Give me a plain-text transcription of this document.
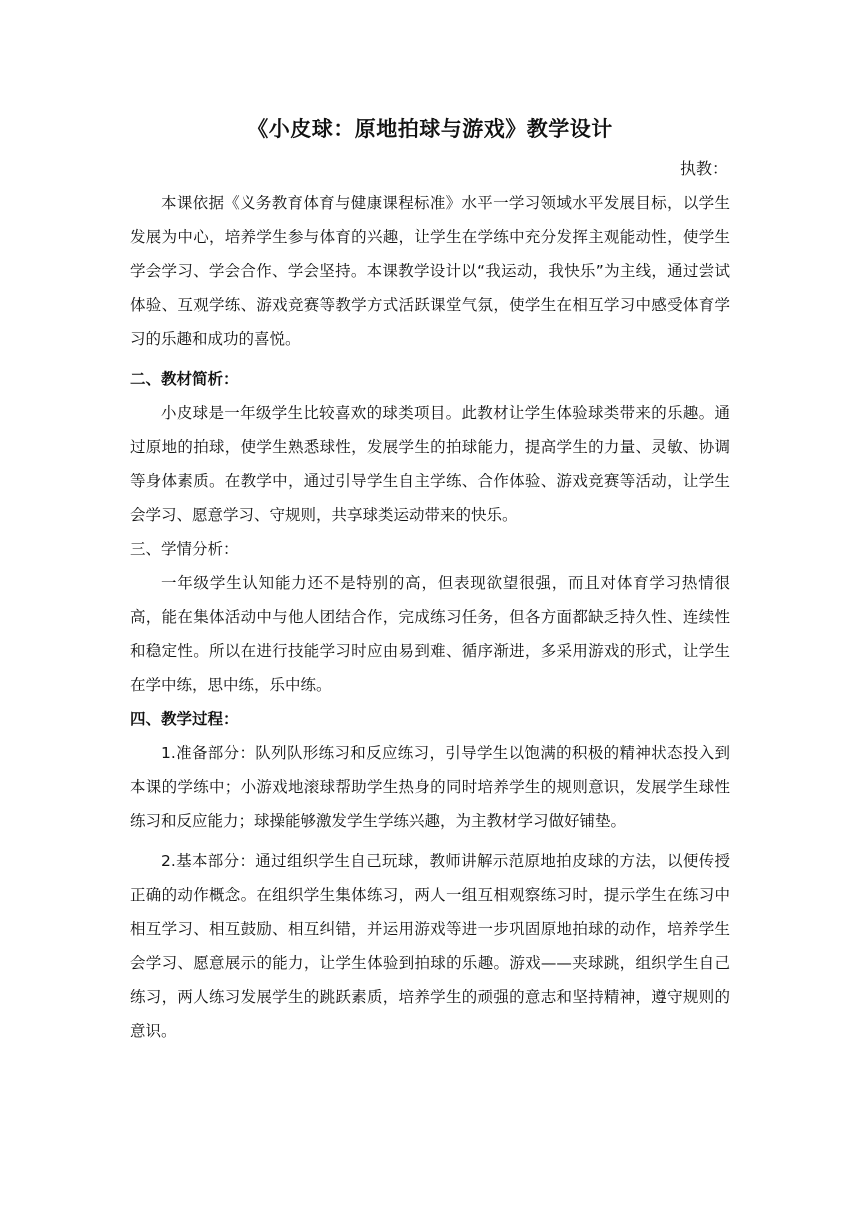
《小皮球：原地拍球与游戏》教学设计
执教：

本课依据《义务教育体育与健康课程标准》水平一学习领域水平发展目标，以学生发展为中心，培养学生参与体育的兴趣，让学生在学练中充分发挥主观能动性，使学生学会学习、学会合作、学会坚持。本课教学设计以“我运动，我快乐”为主线，通过尝试体验、互观学练、游戏竞赛等教学方式活跃课堂气氛，使学生在相互学习中感受体育学习的乐趣和成功的喜悦。

二、教材简析：

小皮球是一年级学生比较喜欢的球类项目。此教材让学生体验球类带来的乐趣。通过原地的拍球，使学生熟悉球性，发展学生的拍球能力，提高学生的力量、灵敏、协调等身体素质。在教学中，通过引导学生自主学练、合作体验、游戏竞赛等活动，让学生会学习、愿意学习、守规则，共享球类运动带来的快乐。

三、学情分析：

一年级学生认知能力还不是特别的高，但表现欲望很强，而且对体育学习热情很高，能在集体活动中与他人团结合作，完成练习任务，但各方面都缺乏持久性、连续性和稳定性。所以在进行技能学习时应由易到难、循序渐进，多采用游戏的形式，让学生在学中练，思中练，乐中练。

四、教学过程：

1.准备部分：队列队形练习和反应练习，引导学生以饱满的积极的精神状态投入到本课的学练中；小游戏地滚球帮助学生热身的同时培养学生的规则意识，发展学生球性练习和反应能力；球操能够激发学生学练兴趣，为主教材学习做好铺垫。

2.基本部分：通过组织学生自己玩球，教师讲解示范原地拍皮球的方法，以便传授正确的动作概念。在组织学生集体练习，两人一组互相观察练习时，提示学生在练习中相互学习、相互鼓励、相互纠错，并运用游戏等进一步巩固原地拍球的动作，培养学生会学习、愿意展示的能力，让学生体验到拍球的乐趣。游戏——夹球跳，组织学生自己练习，两人练习发展学生的跳跃素质，培养学生的顽强的意志和坚持精神，遵守规则的意识。
